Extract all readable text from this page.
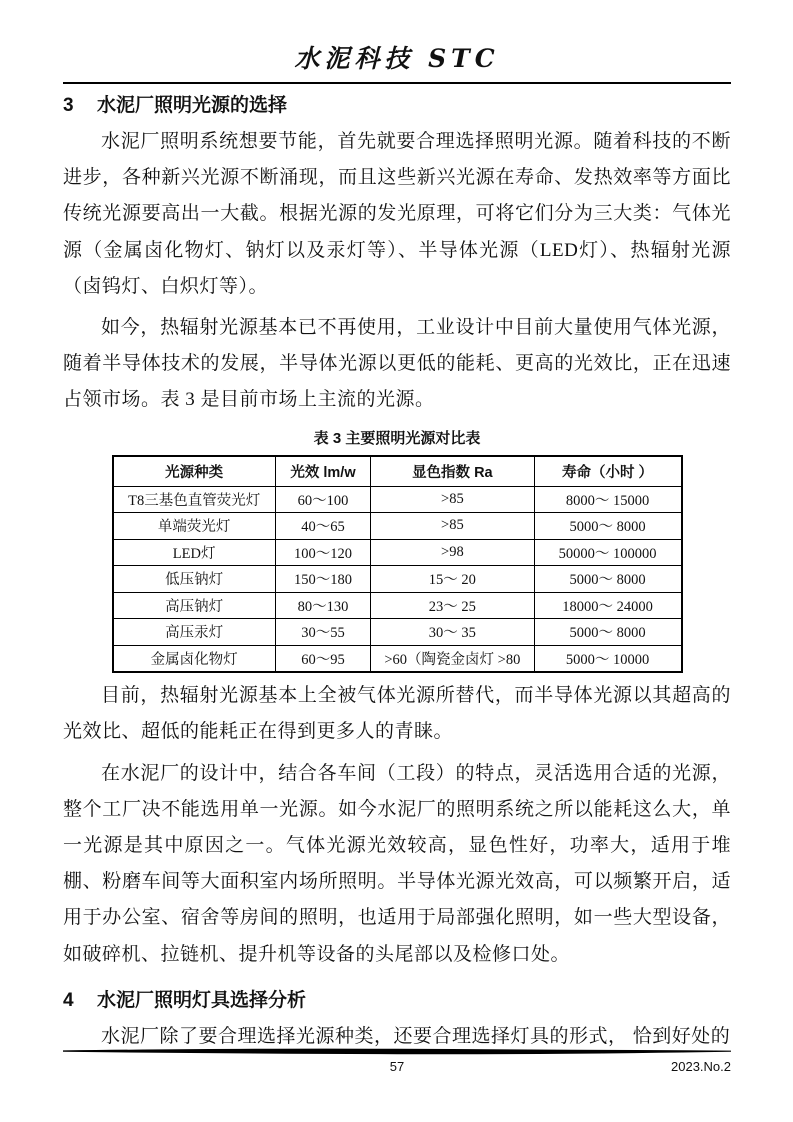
水泥科技 STC
3	水泥厂照明光源的选择

水泥厂照明系统想要节能，首先就要合理选择照明光源。随着科技的不断进步，各种新兴光源不断涌现，而且这些新兴光源在寿命、发热效率等方面比传统光源要高出一大截。根据光源的发光原理，可将它们分为三大类：气体光源（金属卤化物灯、钠灯以及汞灯等）、半导体光源（LED灯）、热辐射光源（卤钨灯、白炽灯等）。

如今，热辐射光源基本已不再使用，工业设计中目前大量使用气体光源，随着半导体技术的发展，半导体光源以更低的能耗、更高的光效比，正在迅速占领市场。表 3 是目前市场上主流的光源。

表 3 主要照明光源对比表
光源种类	光效 lm/w	显色指数 Ra	寿命（小时 ）
T8三基色直管荧光灯	60～100	>85	8000～ 15000
单端荧光灯	40～65	>85	5000～ 8000
LED灯	100～120	>98	50000～ 100000
低压钠灯	150～180	15～ 20	5000～ 8000
高压钠灯	80～130	23～ 25	18000～ 24000
高压汞灯	30～55	30～ 35	5000～ 8000
金属卤化物灯	60～95	>60（陶瓷金卤灯 >80	5000～ 10000

目前，热辐射光源基本上全被气体光源所替代，而半导体光源以其超高的光效比、超低的能耗正在得到更多人的青睐。

在水泥厂的设计中，结合各车间（工段）的特点，灵活选用合适的光源，整个工厂决不能选用单一光源。如今水泥厂的照明系统之所以能耗这么大，单一光源是其中原因之一。气体光源光效较高，显色性好，功率大，适用于堆棚、粉磨车间等大面积室内场所照明。半导体光源光效高，可以频繁开启，适用于办公室、宿舍等房间的照明，也适用于局部强化照明，如一些大型设备，如破碎机、拉链机、提升机等设备的头尾部以及检修口处。

4	水泥厂照明灯具选择分析

水泥厂除了要合理选择光源种类，还要合理选择灯具的形式， 恰到好处的

57	2023.No.2
